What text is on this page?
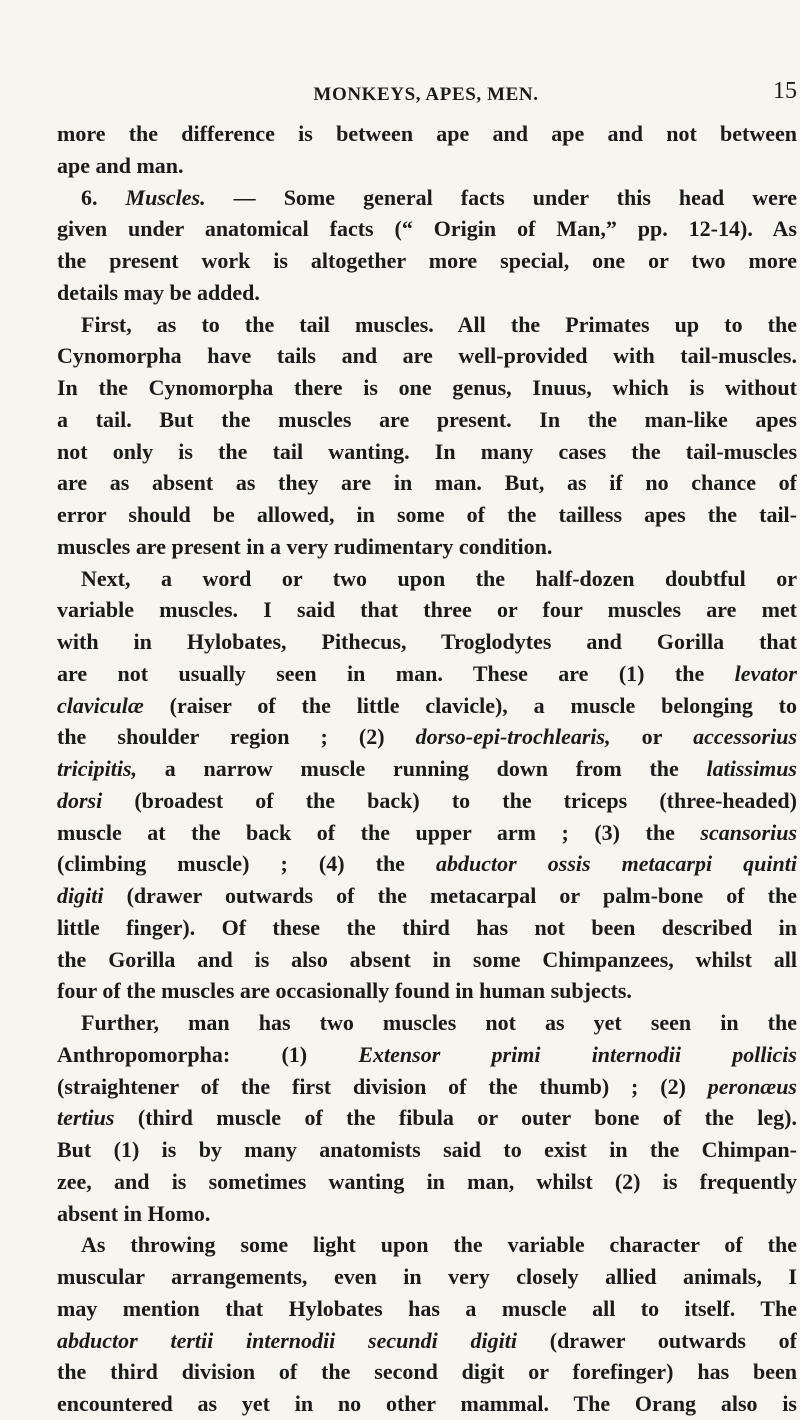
MONKEYS, APES, MEN.	15
more the difference is between ape and ape and not between
ape and man.
6. Muscles. — Some general facts under this head were
given under anatomical facts (“ Origin of Man,” pp. 12-14). As
the present work is altogether more special, one or two more
details may be added.
First, as to the tail muscles. All the Primates up to the
Cynomorpha have tails and are well-provided with tail-muscles.
In the Cynomorpha there is one genus, Inuus, which is without
a tail. But the muscles are present. In the man-like apes
not only is the tail wanting. In many cases the tail-muscles
are as absent as they are in man. But, as if no chance of
error should be allowed, in some of the tailless apes the tail-
muscles are present in a very rudimentary condition.
Next, a word or two upon the half-dozen doubtful or
variable muscles. I said that three or four muscles are met
with in Hylobates, Pithecus, Troglodytes and Gorilla that
are not usually seen in man. These are (1) the levator
claviculæ (raiser of the little clavicle), a muscle belonging to
the shoulder region ; (2) dorso-epi-trochlearis, or accessorius
tricipitis, a narrow muscle running down from the latissimus
dorsi (broadest of the back) to the triceps (three-headed)
muscle at the back of the upper arm ; (3) the scansorius
(climbing muscle) ; (4) the abductor ossis metacarpi quinti
digiti (drawer outwards of the metacarpal or palm-bone of the
little finger). Of these the third has not been described in
the Gorilla and is also absent in some Chimpanzees, whilst all
four of the muscles are occasionally found in human subjects.
Further, man has two muscles not as yet seen in the
Anthropomorpha: (1) Extensor primi internodii pollicis
(straightener of the first division of the thumb) ; (2) peronæus
tertius (third muscle of the fibula or outer bone of the leg).
But (1) is by many anatomists said to exist in the Chimpan-
zee, and is sometimes wanting in man, whilst (2) is frequently
absent in Homo.
As throwing some light upon the variable character of the
muscular arrangements, even in very closely allied animals, I
may mention that Hylobates has a muscle all to itself. The
abductor tertii internodii secundi digiti (drawer outwards of
the third division of the second digit or forefinger) has been
encountered as yet in no other mammal. The Orang also is
